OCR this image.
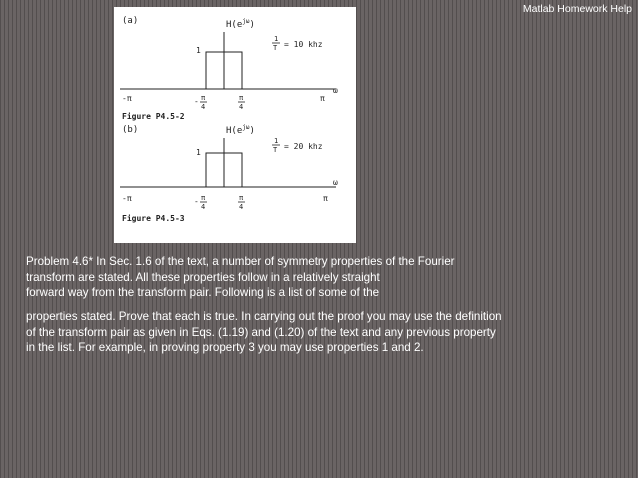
Matlab Homework Help
(a)	$H(e^{j\omega})$
1
1
T = 10 khz
ω
-π	π
- π
4
π
4
Figure P4.5-2
(b)	$H(e^{j\omega})$
1
1
T = 20 khz
ω
-π	π
- π
4
π
4
Figure P4.5-3

Problem 4.6* In Sec. 1.6 of the text, a number of symmetry properties of the Fourier
transform are stated. All these properties follow in a relatively straight
forward way from the transform pair. Following is a list of some of the

properties stated. Prove that each is true. In carrying out the proof you may use the definition
of the transform pair as given in Eqs. (1.19) and (1.20) of the text and any previous property
in the list. For example, in proving property 3 you may use properties 1 and 2.
